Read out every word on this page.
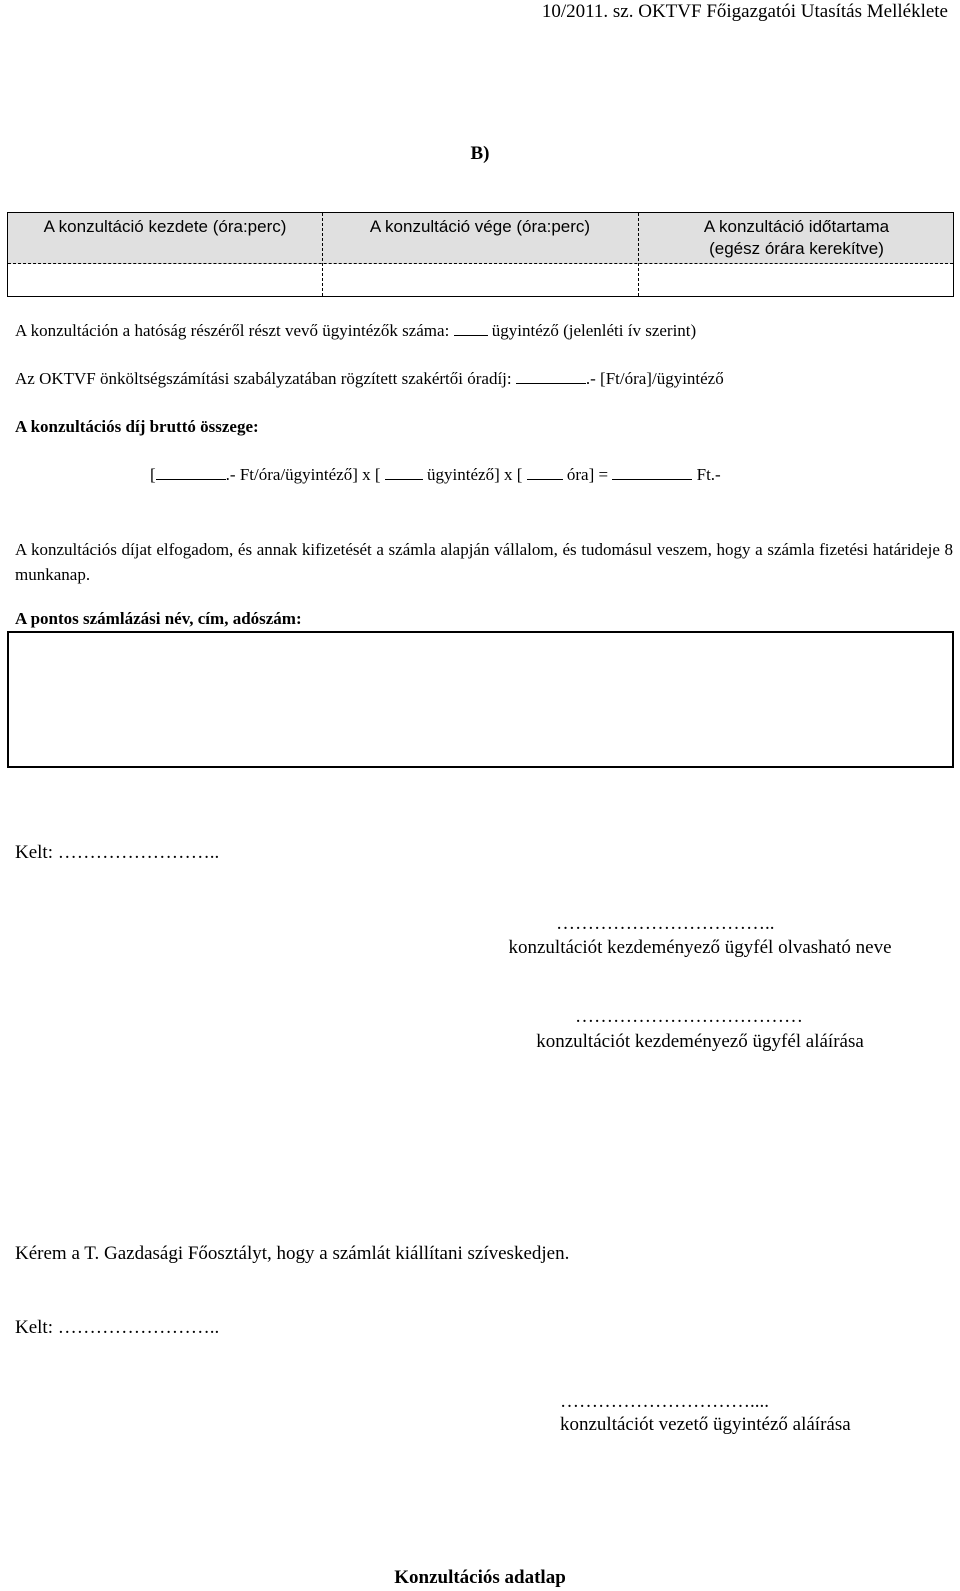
10/2011. sz. OKTVF Főigazgatói Utasítás Melléklete
B)
A konzultáció kezdete (óra:perc)	A konzultáció vége (óra:perc)	A konzultáció időtartama
(egész órára kerekítve)
A konzultáción a hatóság részéről részt vevő ügyintézők száma:	ügyintéző (jelenléti ív szerint)
Az OKTVF önköltségszámítási szabályzatában rögzített szakértői óradíj:	.- [Ft/óra]/ügyintéző
A konzultációs díj bruttó összege:
[	.- Ft/óra/ügyintéző] x [	ügyintéző] x [	óra] =	Ft.-
A konzultációs díjat elfogadom, és annak kifizetését a számla alapján vállalom, és tudomásul veszem, hogy a számla fizetési határideje 8 munkanap.
A pontos számlázási név, cím, adószám:
Kelt: ……………………..
……………………………..
konzultációt kezdeményező ügyfél olvasható neve
………………………………
konzultációt kezdeményező ügyfél aláírása
Kérem a T. Gazdasági Főosztályt, hogy a számlát kiállítani szíveskedjen.
Kelt: ……………………..
…………………………....
konzultációt vezető ügyintéző aláírása
Konzultációs adatlap
